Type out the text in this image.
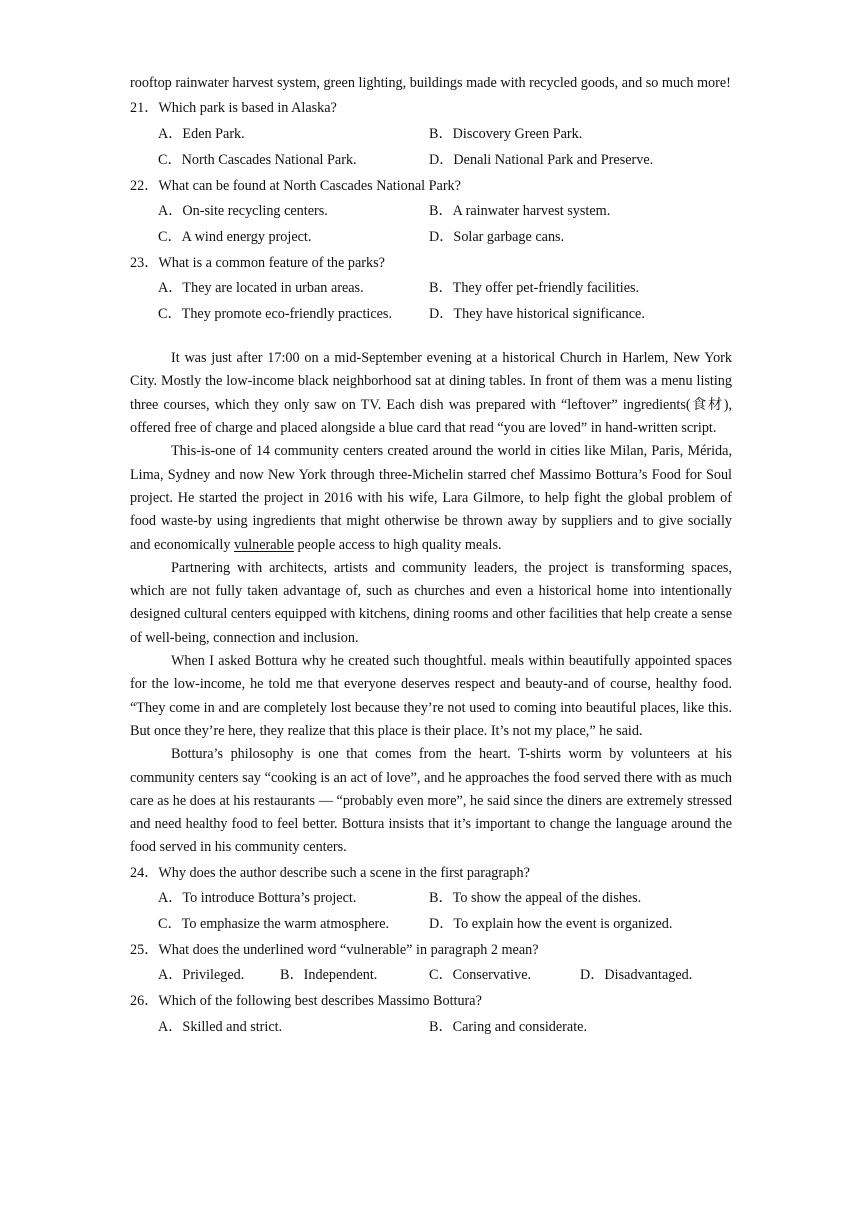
rooftop rainwater harvest system, green lighting, buildings made with recycled goods, and so much more!

21．Which park is based in Alaska?
A．Eden Park.	B．Discovery Green Park.
C．North Cascades National Park.	D．Denali National Park and Preserve.
22．What can be found at North Cascades National Park?
A．On-site recycling centers.	B．A rainwater harvest system.
C．A wind energy project.	D．Solar garbage cans.
23．What is a common feature of the parks?
A．They are located in urban areas.	B．They offer pet-friendly facilities.
C．They promote eco-friendly practices.	D．They have historical significance.

It was just after 17:00 on a mid-September evening at a historical Church in Harlem, New York City. Mostly the low-income black neighborhood sat at dining tables. In front of them was a menu listing three courses, which they only saw on TV. Each dish was prepared with “leftover” ingredients(食材), offered free of charge and placed alongside a blue card that read “you are loved” in hand-written script.

This-is-one of 14 community centers created around the world in cities like Milan, Paris, Mérida, Lima, Sydney and now New York through three-Michelin starred chef Massimo Bottura’s Food for Soul project. He started the project in 2016 with his wife, Lara Gilmore, to help fight the global problem of food waste-by using ingredients that might otherwise be thrown away by suppliers and to give socially and economically vulnerable people access to high quality meals.

Partnering with architects, artists and community leaders, the project is transforming spaces, which are not fully taken advantage of, such as churches and even a historical home into intentionally designed cultural centers equipped with kitchens, dining rooms and other facilities that help create a sense of well-being, connection and inclusion.

When I asked Bottura why he created such thoughtful. meals within beautifully appointed spaces for the low-income, he told me that everyone deserves respect and beauty-and of course, healthy food. “They come in and are completely lost because they’re not used to coming into beautiful places, like this. But once they’re here, they realize that this place is their place. It’s not my place,” he said.

Bottura’s philosophy is one that comes from the heart. T-shirts worm by volunteers at his community centers say “cooking is an act of love”, and he approaches the food served there with as much care as he does at his restaurants — “probably even more”, he said since the diners are extremely stressed and need healthy food to feel better. Bottura insists that it’s important to change the language around the food served in his community centers.

24．Why does the author describe such a scene in the first paragraph?
A．To introduce Bottura’s project.	B．To show the appeal of the dishes.
C．To emphasize the warm atmosphere.	D．To explain how the event is organized.
25．What does the underlined word “vulnerable” in paragraph 2 mean?
A．Privileged.	B．Independent.	C．Conservative.	D．Disadvantaged.
26．Which of the following best describes Massimo Bottura?
A．Skilled and strict.	B．Caring and considerate.
